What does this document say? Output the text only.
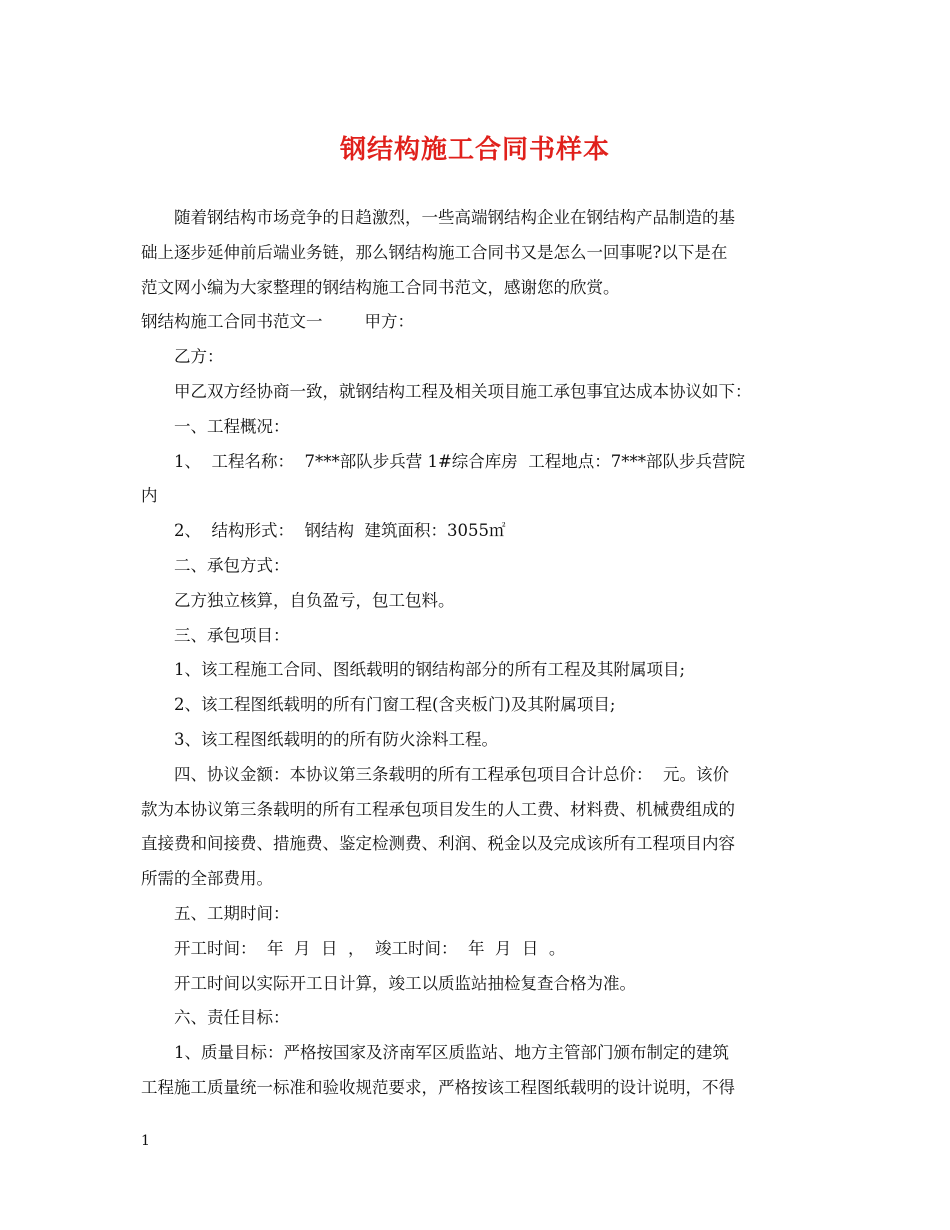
钢结构施工合同书样本

随着钢结构市场竞争的日趋激烈，一些高端钢结构企业在钢结构产品制造的基

础上逐步延伸前后端业务链，那么钢结构施工合同书又是怎么一回事呢?以下是在

范文网小编为大家整理的钢结构施工合同书范文，感谢您的欣赏。

钢结构施工合同书范文一        甲方：

乙方：

甲乙双方经协商一致，就钢结构工程及相关项目施工承包事宜达成本协议如下：

一、工程概况：

1、  工程名称：  7***部队步兵营 1#综合库房  工程地点：7***部队步兵营院

内

2、  结构形式：  钢结构  建筑面积：3055㎡

二、承包方式：

乙方独立核算，自负盈亏，包工包料。

三、承包项目：

1、该工程施工合同、图纸载明的钢结构部分的所有工程及其附属项目;

2、该工程图纸载明的所有门窗工程(含夹板门)及其附属项目;

3、该工程图纸载明的的所有防火涂料工程。

四、协议金额：本协议第三条载明的所有工程承包项目合计总价：  元。该价

款为本协议第三条载明的所有工程承包项目发生的人工费、材料费、机械费组成的

直接费和间接费、措施费、鉴定检测费、利润、税金以及完成该所有工程项目内容

所需的全部费用。

五、工期时间：

开工时间：  年  月  日  ，  竣工时间：  年  月  日  。

开工时间以实际开工日计算，竣工以质监站抽检复查合格为准。

六、责任目标：

1、质量目标：严格按国家及济南军区质监站、地方主管部门颁布制定的建筑

工程施工质量统一标准和验收规范要求，严格按该工程图纸载明的设计说明，不得

1
